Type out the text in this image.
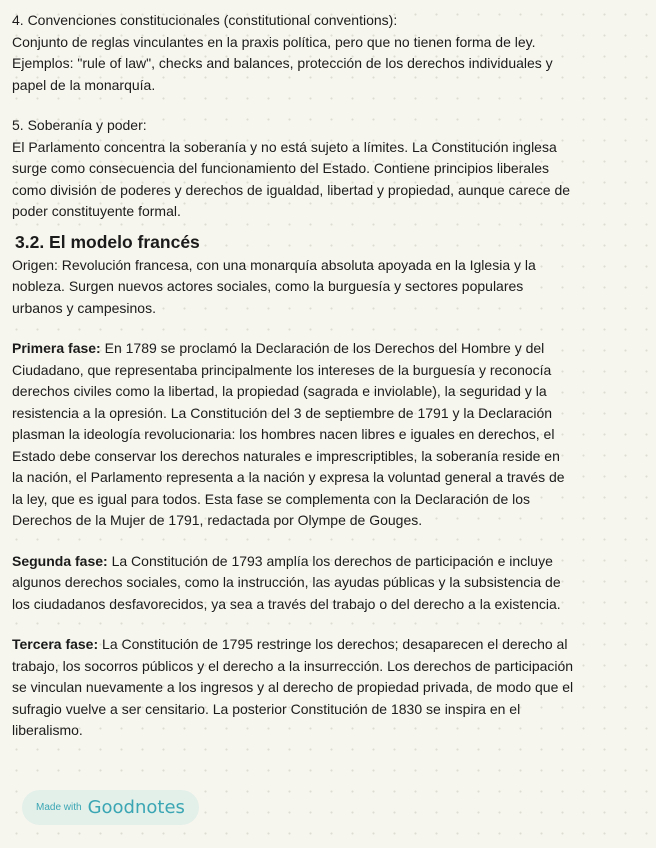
4. Convenciones constitucionales (constitutional conventions):

Conjunto de reglas vinculantes en la praxis política, pero que no tienen forma de ley.

Ejemplos: "rule of law", checks and balances, protección de los derechos individuales y

papel de la monarquía.

5. Soberanía y poder:

El Parlamento concentra la soberanía y no está sujeto a límites. La Constitución inglesa

surge como consecuencia del funcionamiento del Estado. Contiene principios liberales

como división de poderes y derechos de igualdad, libertad y propiedad, aunque carece de

poder constituyente formal.

3.2. El modelo francés

Origen: Revolución francesa, con una monarquía absoluta apoyada en la Iglesia y la

nobleza. Surgen nuevos actores sociales, como la burguesía y sectores populares

urbanos y campesinos.

Primera fase: En 1789 se proclamó la Declaración de los Derechos del Hombre y del

Ciudadano, que representaba principalmente los intereses de la burguesía y reconocía

derechos civiles como la libertad, la propiedad (sagrada e inviolable), la seguridad y la

resistencia a la opresión. La Constitución del 3 de septiembre de 1791 y la Declaración

plasman la ideología revolucionaria: los hombres nacen libres e iguales en derechos, el

Estado debe conservar los derechos naturales e imprescriptibles, la soberanía reside en

la nación, el Parlamento representa a la nación y expresa la voluntad general a través de

la ley, que es igual para todos. Esta fase se complementa con la Declaración de los

Derechos de la Mujer de 1791, redactada por Olympe de Gouges.

Segunda fase: La Constitución de 1793 amplía los derechos de participación e incluye

algunos derechos sociales, como la instrucción, las ayudas públicas y la subsistencia de

los ciudadanos desfavorecidos, ya sea a través del trabajo o del derecho a la existencia.

Tercera fase: La Constitución de 1795 restringe los derechos; desaparecen el derecho al

trabajo, los socorros públicos y el derecho a la insurrección. Los derechos de participación

se vinculan nuevamente a los ingresos y al derecho de propiedad privada, de modo que el

sufragio vuelve a ser censitario. La posterior Constitución de 1830 se inspira en el

liberalismo.

Made with Goodnotes
